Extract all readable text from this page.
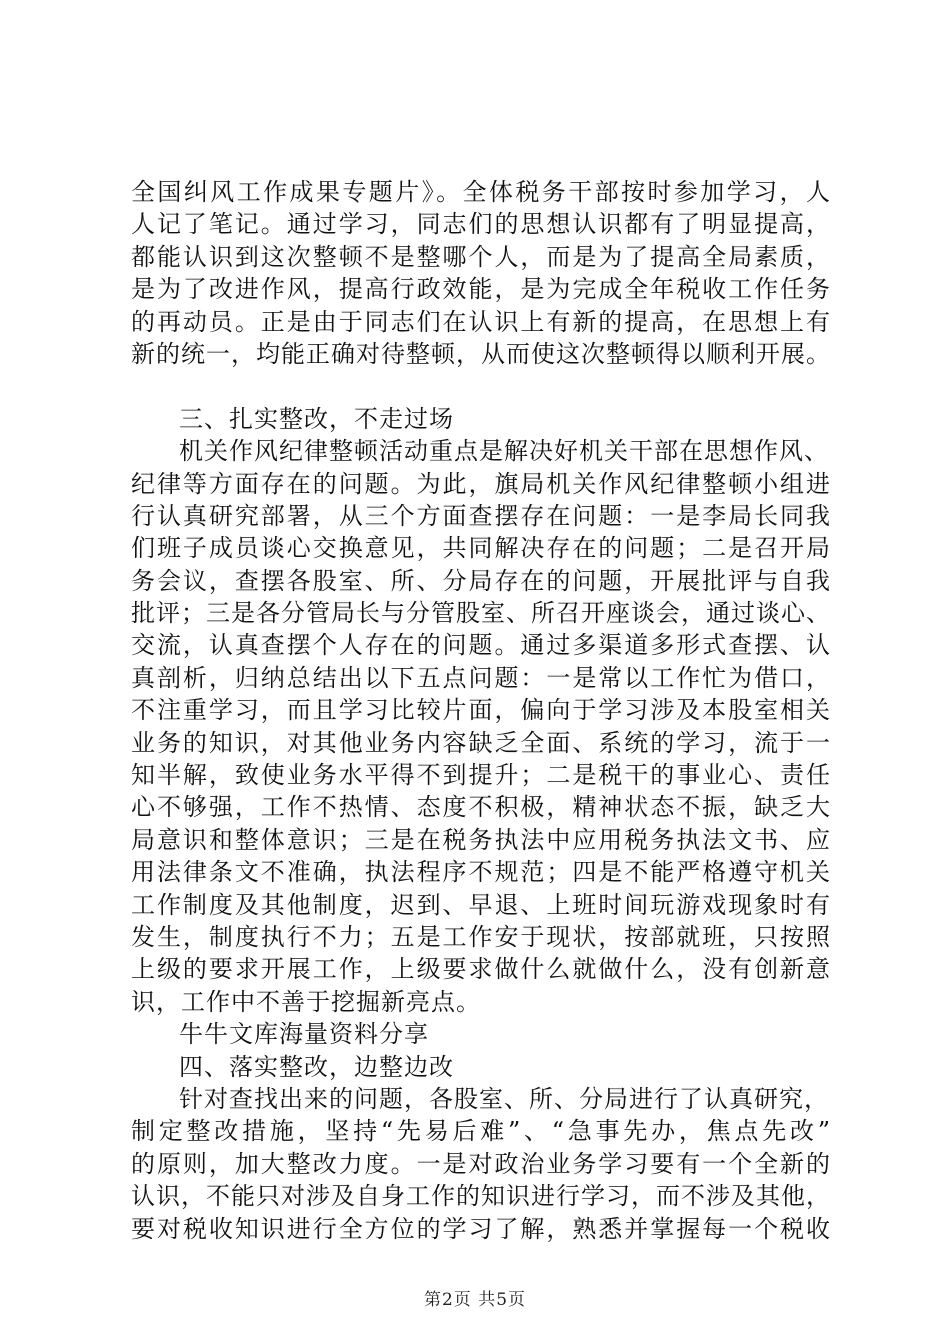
全国纠风工作成果专题片》。全体税务干部按时参加学习，人
人记了笔记。通过学习，同志们的思想认识都有了明显提高，
都能认识到这次整顿不是整哪个人，而是为了提高全局素质，
是为了改进作风，提高行政效能，是为完成全年税收工作任务
的再动员。正是由于同志们在认识上有新的提高，在思想上有
新的统一，均能正确对待整顿，从而使这次整顿得以顺利开展。
三、扎实整改，不走过场
机关作风纪律整顿活动重点是解决好机关干部在思想作风、
纪律等方面存在的问题。为此，旗局机关作风纪律整顿小组进
行认真研究部署，从三个方面查摆存在问题：一是李局长同我
们班子成员谈心交换意见，共同解决存在的问题；二是召开局
务会议，查摆各股室、所、分局存在的问题，开展批评与自我
批评；三是各分管局长与分管股室、所召开座谈会，通过谈心、
交流，认真查摆个人存在的问题。通过多渠道多形式查摆、认
真剖析，归纳总结出以下五点问题：一是常以工作忙为借口，
不注重学习，而且学习比较片面，偏向于学习涉及本股室相关
业务的知识，对其他业务内容缺乏全面、系统的学习，流于一
知半解，致使业务水平得不到提升；二是税干的事业心、责任
心不够强，工作不热情、态度不积极，精神状态不振，缺乏大
局意识和整体意识；三是在税务执法中应用税务执法文书、应
用法律条文不准确，执法程序不规范；四是不能严格遵守机关
工作制度及其他制度，迟到、早退、上班时间玩游戏现象时有
发生，制度执行不力；五是工作安于现状，按部就班，只按照
上级的要求开展工作，上级要求做什么就做什么，没有创新意
识，工作中不善于挖掘新亮点。
牛牛文库海量资料分享
四、落实整改，边整边改
针对查找出来的问题，各股室、所、分局进行了认真研究，
制定整改措施，坚持“先易后难”、“急事先办，焦点先改”
的原则，加大整改力度。一是对政治业务学习要有一个全新的
认识，不能只对涉及自身工作的知识进行学习，而不涉及其他，
要对税收知识进行全方位的学习了解，熟悉并掌握每一个税收
第2页 共5页
